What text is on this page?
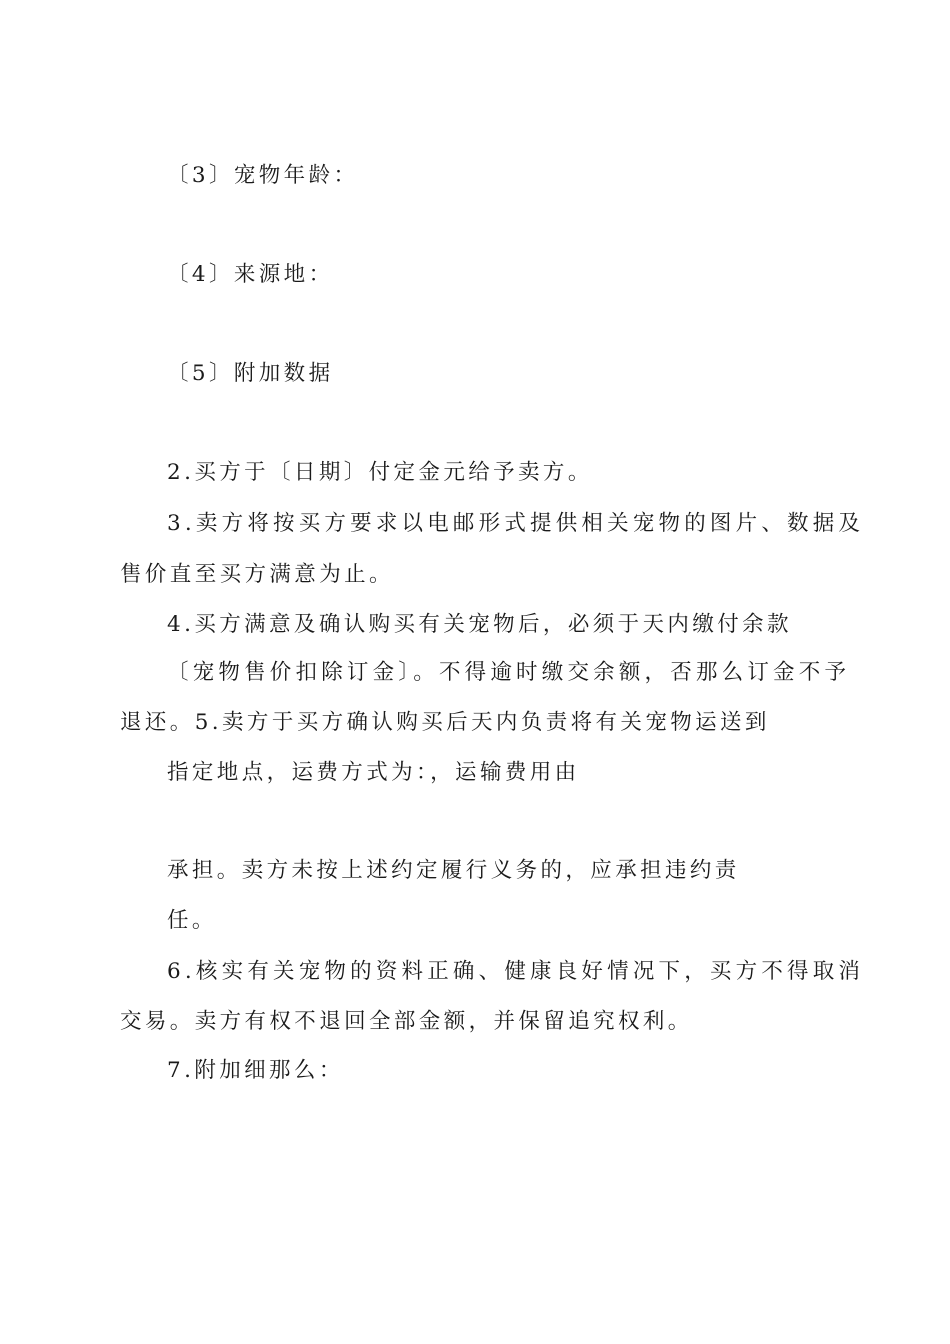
〔3〕宠物年龄：
〔4〕来源地：
〔5〕附加数据
2.买方于〔日期〕付定金元给予卖方。
3.卖方将按买方要求以电邮形式提供相关宠物的图片、数据及
售价直至买方满意为止。
4.买方满意及确认购买有关宠物后，必须于天内缴付余款
〔宠物售价扣除订金〕。不得逾时缴交余额，否那么订金不予
退还。5.卖方于买方确认购买后天内负责将有关宠物运送到
指定地点，运费方式为：，运输费用由
承担。卖方未按上述约定履行义务的，应承担违约责
任。
6.核实有关宠物的资料正确、健康良好情况下，买方不得取消
交易。卖方有权不退回全部金额，并保留追究权利。
7.附加细那么：
